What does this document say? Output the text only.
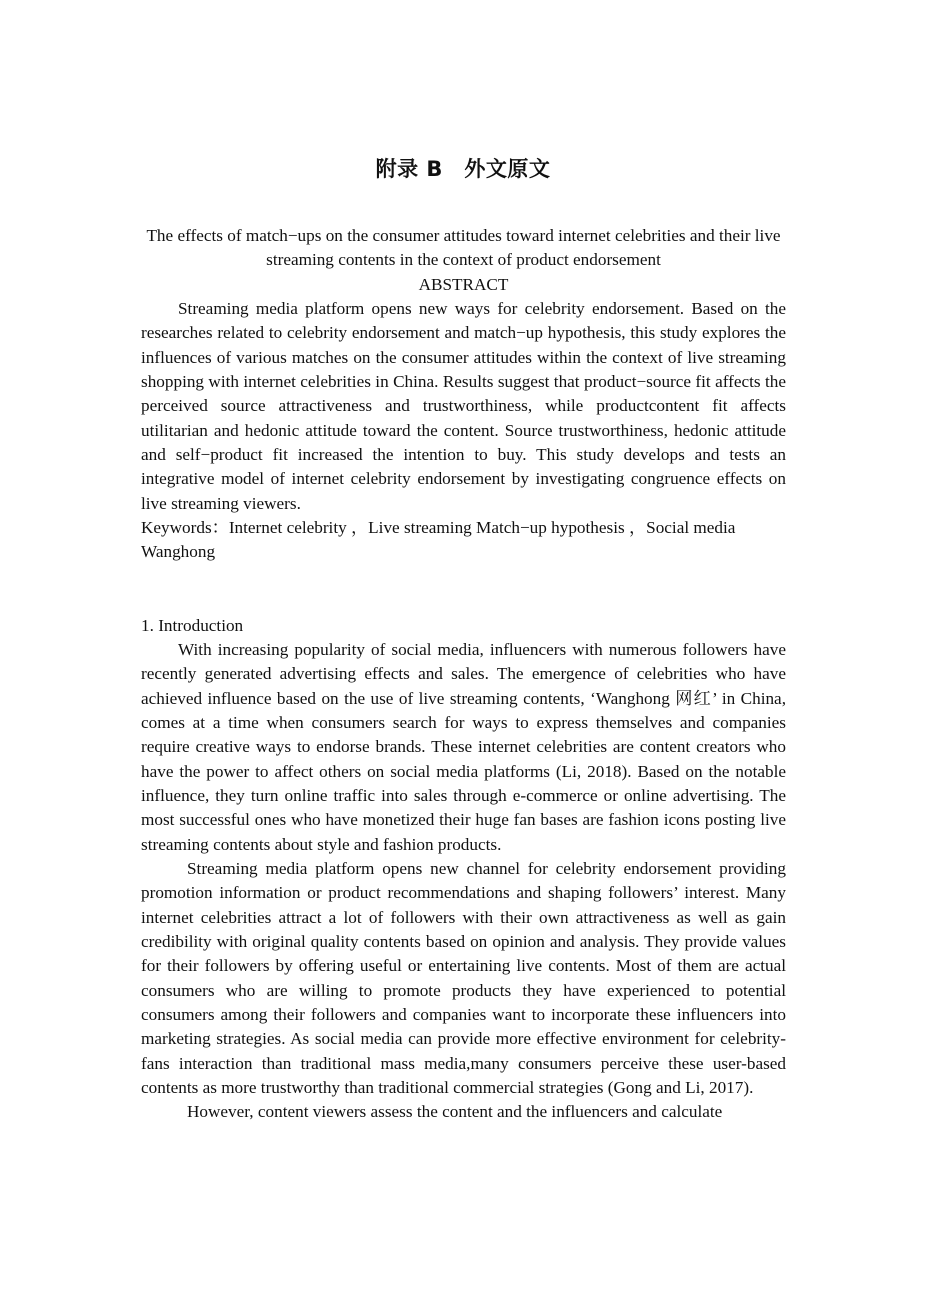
附录 B　外文原文

The effects of match−ups on the consumer attitudes toward internet celebrities and their live streaming contents in the context of product endorsement

ABSTRACT

Streaming media platform opens new ways for celebrity endorsement. Based on the researches related to celebrity endorsement and match−up hypothesis, this study explores the influences of various matches on the consumer attitudes within the context of live streaming shopping with internet celebrities in China. Results suggest that product−source fit affects the perceived source attractiveness and trustworthiness, while productcontent fit affects utilitarian and hedonic attitude toward the content. Source trustworthiness, hedonic attitude and self−product fit increased the intention to buy. This study develops and tests an integrative model of internet celebrity endorsement by investigating congruence effects on live streaming viewers.

Keywords：Internet celebrity ，Live streaming Match−up hypothesis ，Social media Wanghong

1. Introduction

With increasing popularity of social media, influencers with numerous followers have recently generated advertising effects and sales. The emergence of celebrities who have achieved influence based on the use of live streaming contents, ‘Wanghong 网红’ in China, comes at a time when consumers search for ways to express themselves and companies require creative ways to endorse brands. These internet celebrities are content creators who have the power to affect others on social media platforms (Li, 2018). Based on the notable influence, they turn online traffic into sales through e-commerce or online advertising. The most successful ones who have monetized their huge fan bases are fashion icons posting live streaming contents about style and fashion products.

Streaming media platform opens new channel for celebrity endorsement providing promotion information or product recommendations and shaping followers’ interest. Many internet celebrities attract a lot of followers with their own attractiveness as well as gain credibility with original quality contents based on opinion and analysis. They provide values for their followers by offering useful or entertaining live contents. Most of them are actual consumers who are willing to promote products they have experienced to potential consumers among their followers and companies want to incorporate these influencers into marketing strategies. As social media can provide more effective environment for celebrity-fans interaction than traditional mass media,many consumers perceive these user-based contents as more trustworthy than traditional commercial strategies (Gong and Li, 2017).

However, content viewers assess the content and the influencers and calculate
